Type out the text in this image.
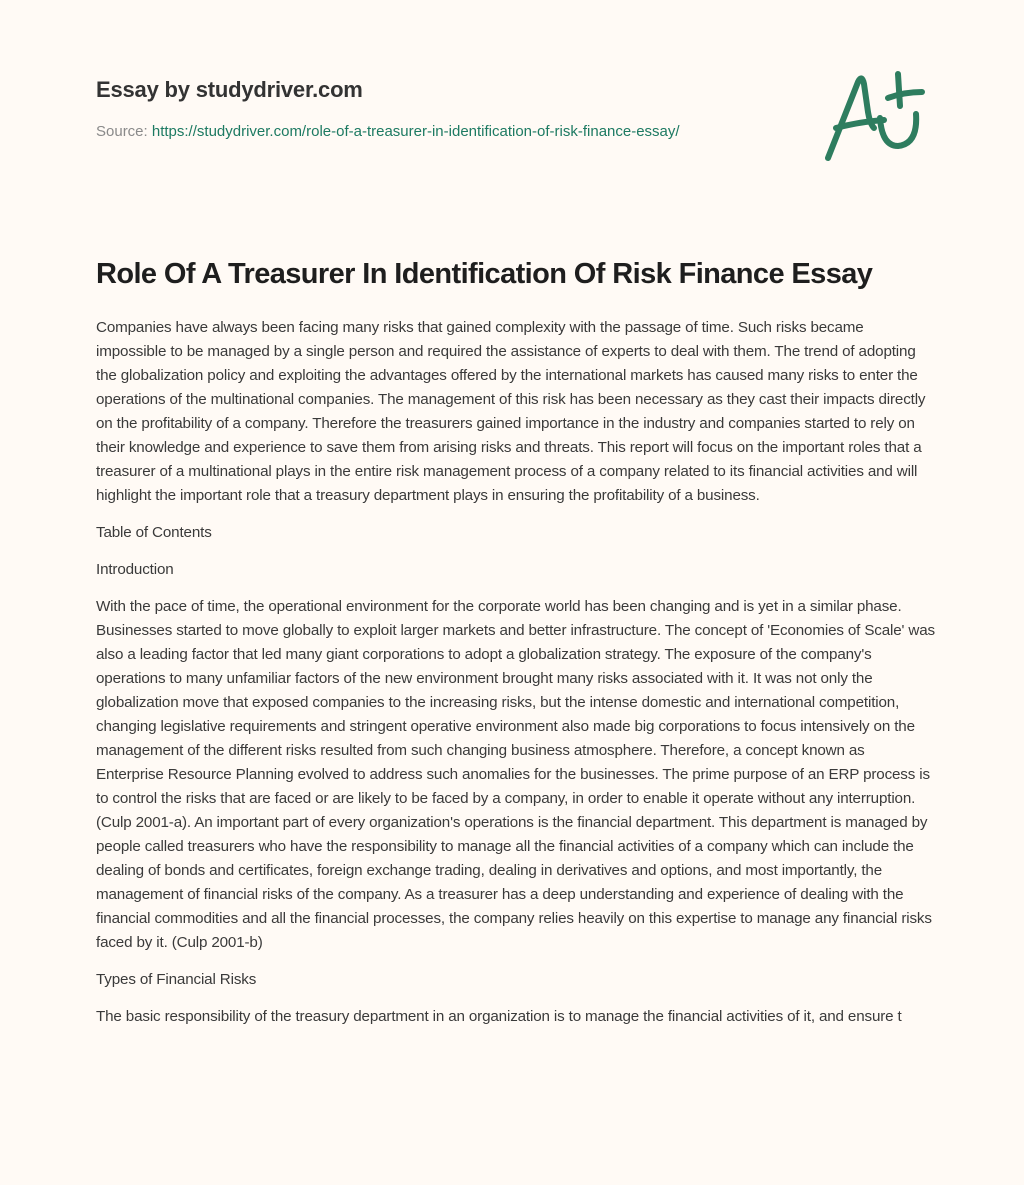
Essay by studydriver.com
Source: https://studydriver.com/role-of-a-treasurer-in-identification-of-risk-finance-essay/
Role Of A Treasurer In Identification Of Risk Finance Essay

Companies have always been facing many risks that gained complexity with the passage of time. Such risks became impossible to be managed by a single person and required the assistance of experts to deal with them. The trend of adopting the globalization policy and exploiting the advantages offered by the international markets has caused many risks to enter the operations of the multinational companies. The management of this risk has been necessary as they cast their impacts directly on the profitability of a company. Therefore the treasurers gained importance in the industry and companies started to rely on their knowledge and experience to save them from arising risks and threats. This report will focus on the important roles that a treasurer of a multinational plays in the entire risk management process of a company related to its financial activities and will highlight the important role that a treasury department plays in ensuring the profitability of a business.

Table of Contents

Introduction

With the pace of time, the operational environment for the corporate world has been changing and is yet in a similar phase. Businesses started to move globally to exploit larger markets and better infrastructure. The concept of 'Economies of Scale' was also a leading factor that led many giant corporations to adopt a globalization strategy. The exposure of the company's operations to many unfamiliar factors of the new environment brought many risks associated with it. It was not only the globalization move that exposed companies to the increasing risks, but the intense domestic and international competition, changing legislative requirements and stringent operative environment also made big corporations to focus intensively on the management of the different risks resulted from such changing business atmosphere. Therefore, a concept known as Enterprise Resource Planning evolved to address such anomalies for the businesses. The prime purpose of an ERP process is to control the risks that are faced or are likely to be faced by a company, in order to enable it operate without any interruption. (Culp 2001-a). An important part of every organization's operations is the financial department. This department is managed by people called treasurers who have the responsibility to manage all the financial activities of a company which can include the dealing of bonds and certificates, foreign exchange trading, dealing in derivatives and options, and most importantly, the management of financial risks of the company. As a treasurer has a deep understanding and experience of dealing with the financial commodities and all the financial processes, the company relies heavily on this expertise to manage any financial risks faced by it. (Culp 2001-b)

Types of Financial Risks

The basic responsibility of the treasury department in an organization is to manage the financial activities of it, and ensure t
